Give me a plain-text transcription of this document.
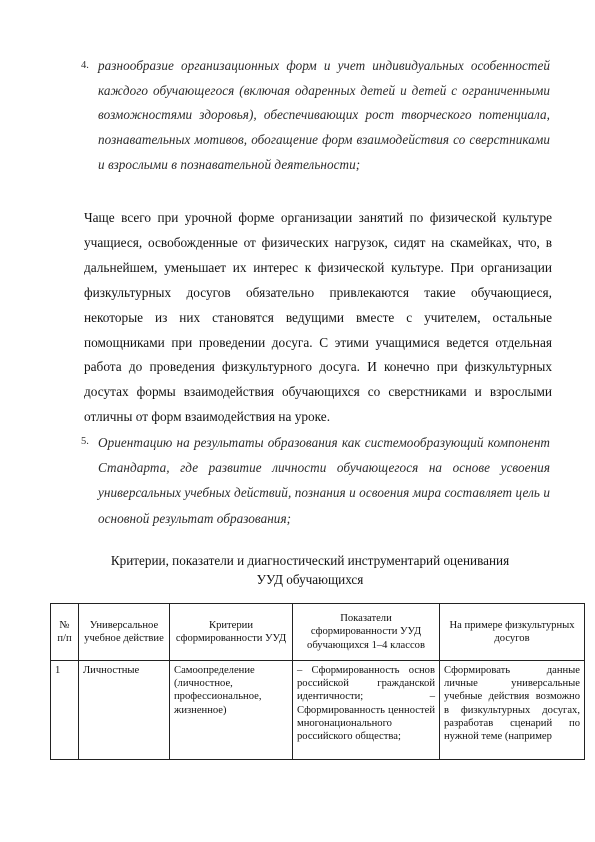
4. разнообразие организационных форм и учет индивидуальных особенностей каждого обучающегося (включая одаренных детей и детей с ограниченными возможностями здоровья), обеспечивающих рост творческого потенциала, познавательных мотивов, обогащение форм взаимодействия со сверстниками и взрослыми в познавательной деятельности;
Чаще всего при урочной форме организации занятий по физической культуре учащиеся, освобожденные от физических нагрузок, сидят на скамейках, что, в дальнейшем, уменьшает их интерес к физической культуре. При организации физкультурных досугов обязательно привлекаются такие обучающиеся, некоторые из них становятся ведущими вместе с учителем, остальные помощниками при проведении досуга. С этими учащимися ведется отдельная работа до проведения физкультурного досуга. И конечно при физкультурных досутах формы взаимодействия обучающихся со сверстниками и взрослыми отличны от форм взаимодействия на уроке.
5. Ориентацию на результаты образования как системообразующий компонент Стандарта, где развитие личности обучающегося на основе усвоения универсальных учебных действий, познания и освоения мира составляет цель и основной результат образования;
Критерии, показатели и диагностический инструментарий оценивания
УУД обучающихся
№ п/п	Универсальное учебное действие	Критерии сформированности УУД	Показатели сформированности УУД обучающихся 1–4 классов	На примере физкультурных досугов
1	Личностные	Самоопределение (личностное, профессиональное, жизненное)	– Сформированность основ российской гражданской идентичности; – Сформированность ценностей многонационального российского общества;	Сформировать данные личные универсальные учебные действия возможно в физкультурных досугах, разработав сценарий по нужной теме (например
